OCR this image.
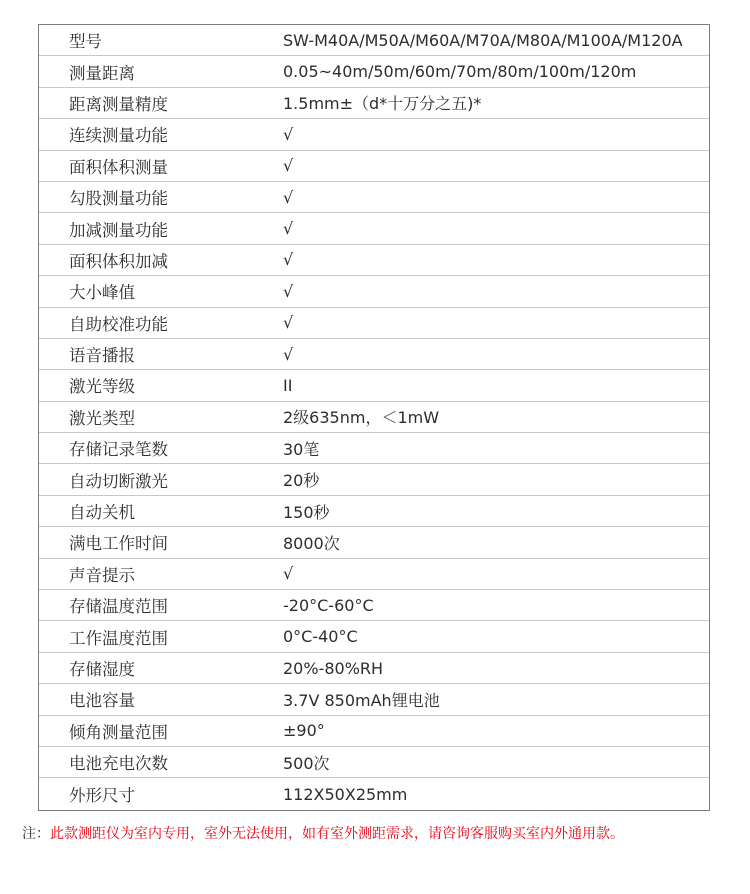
型号	SW-M40A/M50A/M60A/M70A/M80A/M100A/M120A
测量距离	0.05~40m/50m/60m/70m/80m/100m/120m
距离测量精度	1.5mm±（d*十万分之五)*
连续测量功能	√
面积体积测量	√
勾股测量功能	√
加减测量功能	√
面积体积加减	√
大小峰值	√
自助校准功能	√
语音播报	√
激光等级	II
激光类型	2级635nm，＜1mW
存储记录笔数	30笔
自动切断激光	20秒
自动关机	150秒
满电工作时间	8000次
声音提示	√
存储温度范围	-20°C-60°C
工作温度范围	0°C-40°C
存储湿度	20%-80%RH
电池容量	3.7V 850mAh锂电池
倾角测量范围	±90°
电池充电次数	500次
外形尺寸	112X50X25mm
注：此款测距仪为室内专用，室外无法使用，如有室外测距需求，请咨询客服购买室内外通用款。
